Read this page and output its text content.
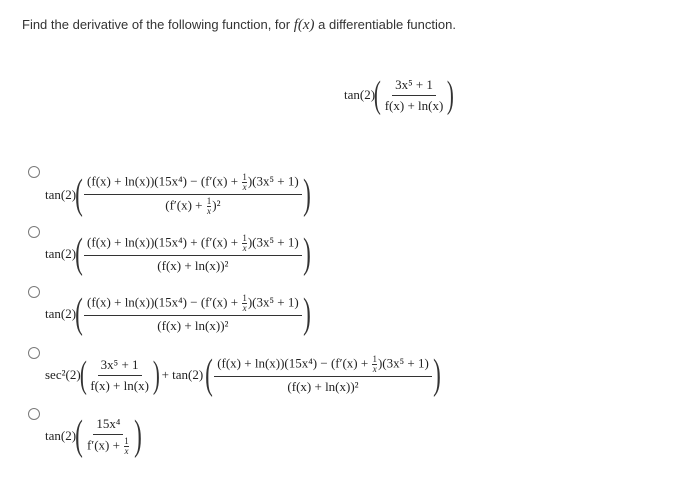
Find the derivative of the following function, for f(x) a differentiable function.
tan(2)
( $\frac{\text{3x⁵ + 1}}{f(x) + \ln(x)}$ )
tan(2) ( $\frac{(f(x) + \ln(x))(15x^4) - (f'(x) + \frac{1}{x} )(3x^5 + 1)}{(f'(x) + \frac{1}{x} )^2}$ )
tan(2) ( $\frac{(f(x) + \ln(x))(15x^4) + (f'(x) + \frac{1}{x} )(3x^5 + 1)}{\text{(f(x) + ln(x))²}}$ )
tan(2) ( $\frac{(f(x) + \ln(x))(15x^4) - (f'(x) + \frac{1}{x} )(3x^5 + 1)}{\text{(f(x) + ln(x))²}}$ )
sec²(2)
( $\frac{\text{3x⁵ + 1}}{f(x) + \ln(x)}$ ) + tan(2) ( $\frac{(f(x) + \ln(x))(15x^4) - (f'(x) + \frac{1}{x} )(3x^5 + 1)}{\text{(f(x) + ln(x))²}}$ )
tan(2) ( $\frac{\text{15x⁴}}{f'(x) + \frac{1}{x}}$ )
